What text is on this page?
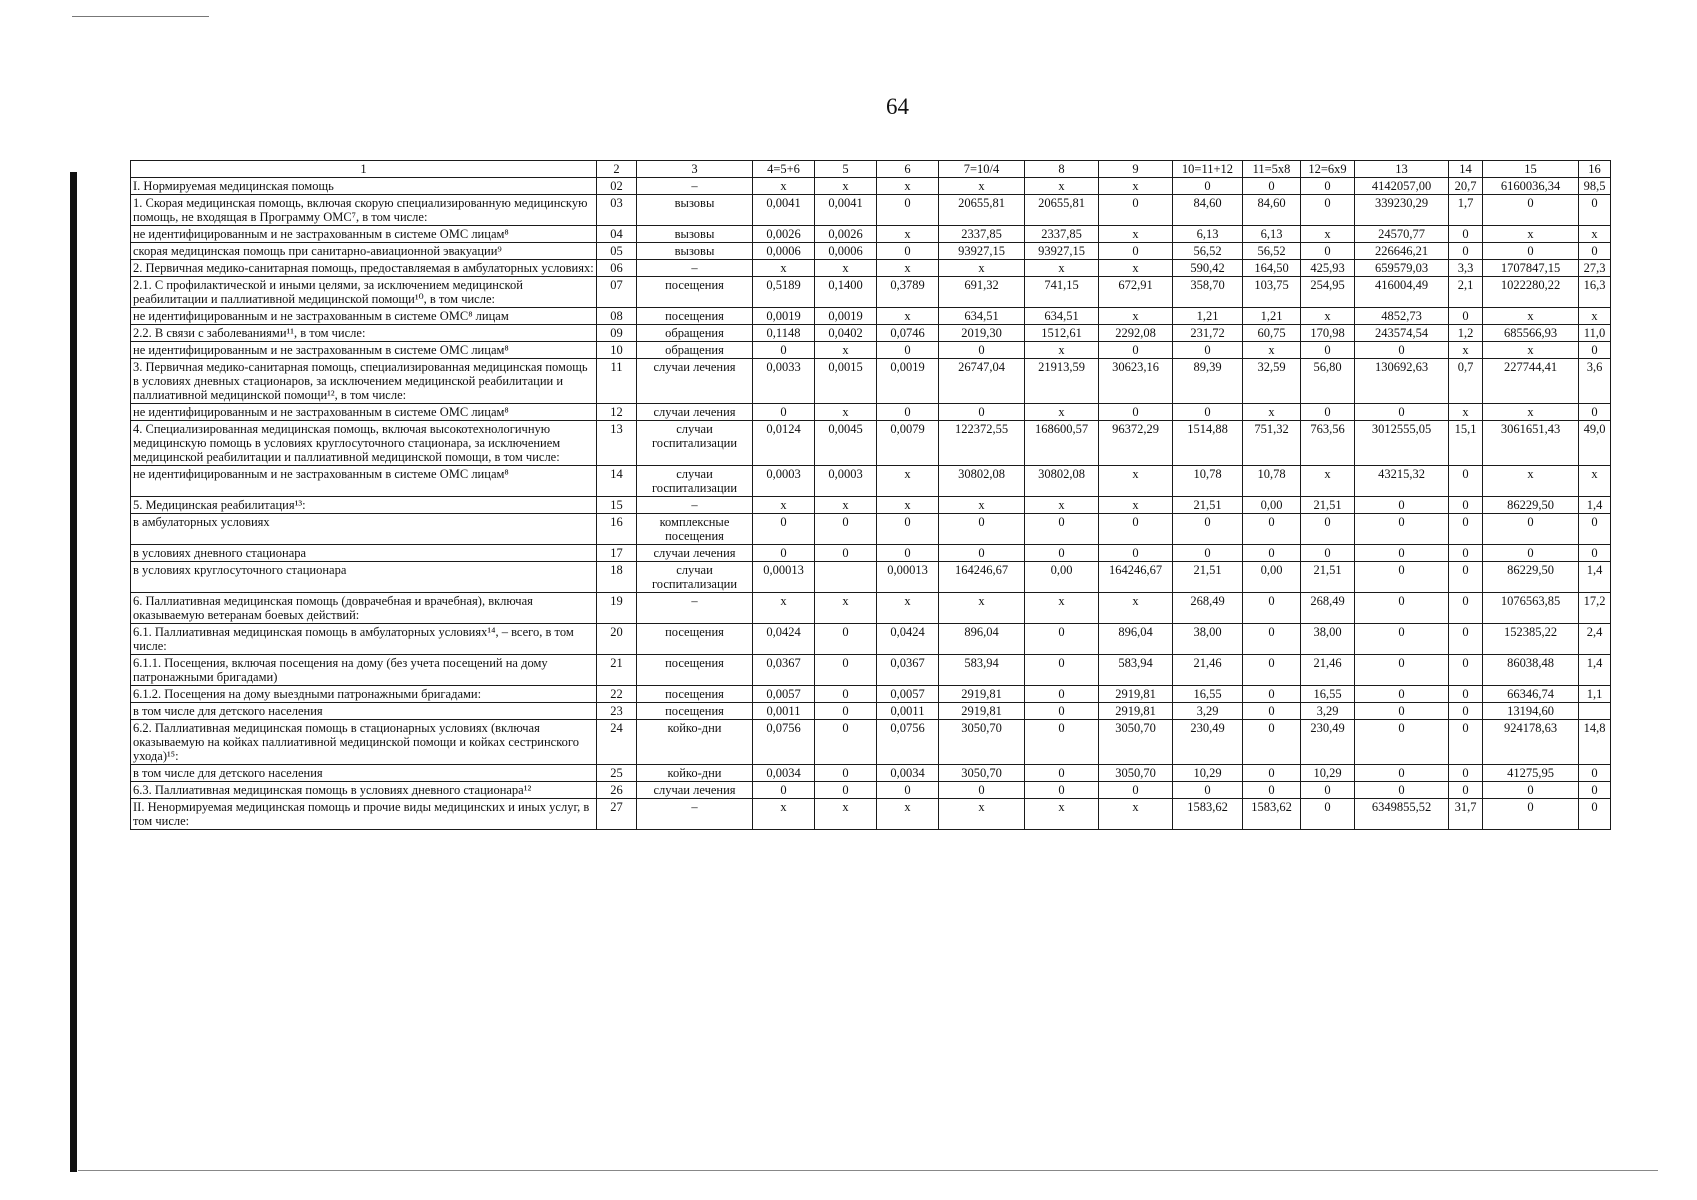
64
1	2	3	4=5+6	5	6	7=10/4	8	9	10=11+12	11=5x8	12=6x9	13	14	15	16
I. Нормируемая медицинская помощь	02	–	x	x	x	x	x	x	0	0	0	4142057,00	20,7	6160036,34	98,5
1. Скорая медицинская помощь, включая скорую специализированную медицинскую помощь, не входящая в Программу ОМС⁷, в том числе:	03	вызовы	0,0041	0,0041	0	20655,81	20655,81	0	84,60	84,60	0	339230,29	1,7	0	0
не идентифицированным и не застрахованным в системе ОМС лицам⁸	04	вызовы	0,0026	0,0026	x	2337,85	2337,85	x	6,13	6,13	x	24570,77	0	x	x
скорая медицинская помощь при санитарно-авиационной эвакуации⁹	05	вызовы	0,0006	0,0006	0	93927,15	93927,15	0	56,52	56,52	0	226646,21	0	0	0
2. Первичная медико-санитарная помощь, предоставляемая в амбулаторных условиях:	06	–	x	x	x	x	x	x	590,42	164,50	425,93	659579,03	3,3	1707847,15	27,3
2.1. С профилактической и иными целями, за исключением медицинской реабилитации и паллиативной медицинской помощи¹⁰, в том числе:	07	посещения	0,5189	0,1400	0,3789	691,32	741,15	672,91	358,70	103,75	254,95	416004,49	2,1	1022280,22	16,3
не идентифицированным и не застрахованным в системе ОМС⁸ лицам	08	посещения	0,0019	0,0019	x	634,51	634,51	x	1,21	1,21	x	4852,73	0	x	x
2.2. В связи с заболеваниями¹¹, в том числе:	09	обращения	0,1148	0,0402	0,0746	2019,30	1512,61	2292,08	231,72	60,75	170,98	243574,54	1,2	685566,93	11,0
не идентифицированным и не застрахованным в системе ОМС лицам⁸	10	обращения	0	x	0	0	x	0	0	x	0	0	x	x	0
3. Первичная медико-санитарная помощь, специализированная медицинская помощь в условиях дневных стационаров, за исключением медицинской реабилитации и паллиативной медицинской помощи¹², в том числе:	11	случаи лечения	0,0033	0,0015	0,0019	26747,04	21913,59	30623,16	89,39	32,59	56,80	130692,63	0,7	227744,41	3,6
не идентифицированным и не застрахованным в системе ОМС лицам⁸	12	случаи лечения	0	x	0	0	x	0	0	x	0	0	x	x	0
4. Специализированная медицинская помощь, включая высокотехнологичную медицинскую помощь в условиях круглосуточного стационара, за исключением медицинской реабилитации и паллиативной медицинской помощи, в том числе:	13	случаи госпитализации	0,0124	0,0045	0,0079	122372,55	168600,57	96372,29	1514,88	751,32	763,56	3012555,05	15,1	3061651,43	49,0
не идентифицированным и не застрахованным в системе ОМС лицам⁸	14	случаи госпитализации	0,0003	0,0003	x	30802,08	30802,08	x	10,78	10,78	x	43215,32	0	x	x
5. Медицинская реабилитация¹³:	15	–	x	x	x	x	x	x	21,51	0,00	21,51	0	0	86229,50	1,4
в амбулаторных условиях	16	комплексные посещения	0	0	0	0	0	0	0	0	0	0	0	0	0
в условиях дневного стационара	17	случаи лечения	0	0	0	0	0	0	0	0	0	0	0	0	0
в условиях круглосуточного стационара	18	случаи госпитализации	0,00013		0,00013	164246,67	0,00	164246,67	21,51	0,00	21,51	0	0	86229,50	1,4
6. Паллиативная медицинская помощь (доврачебная и врачебная), включая оказываемую ветеранам боевых действий:	19	–	x	x	x	x	x	x	268,49	0	268,49	0	0	1076563,85	17,2
6.1. Паллиативная медицинская помощь в амбулаторных условиях¹⁴, – всего, в том числе:	20	посещения	0,0424	0	0,0424	896,04	0	896,04	38,00	0	38,00	0	0	152385,22	2,4
6.1.1. Посещения, включая посещения на дому (без учета посещений на дому патронажными бригадами)	21	посещения	0,0367	0	0,0367	583,94	0	583,94	21,46	0	21,46	0	0	86038,48	1,4
6.1.2. Посещения на дому выездными патронажными бригадами:	22	посещения	0,0057	0	0,0057	2919,81	0	2919,81	16,55	0	16,55	0	0	66346,74	1,1
в том числе для детского населения	23	посещения	0,0011	0	0,0011	2919,81	0	2919,81	3,29	0	3,29	0	0	13194,60	
6.2. Паллиативная медицинская помощь в стационарных условиях (включая оказываемую на койках паллиативной медицинской помощи и койках сестринского ухода)¹⁵:	24	койко-дни	0,0756	0	0,0756	3050,70	0	3050,70	230,49	0	230,49	0	0	924178,63	14,8
в том числе для детского населения	25	койко-дни	0,0034	0	0,0034	3050,70	0	3050,70	10,29	0	10,29	0	0	41275,95	0
6.3. Паллиативная медицинская помощь в условиях дневного стационара¹²	26	случаи лечения	0	0	0	0	0	0	0	0	0	0	0	0	0
II. Ненормируемая медицинская помощь и прочие виды медицинских и иных услуг, в том числе:	27	–	x	x	x	x	x	x	1583,62	1583,62	0	6349855,52	31,7	0	0
